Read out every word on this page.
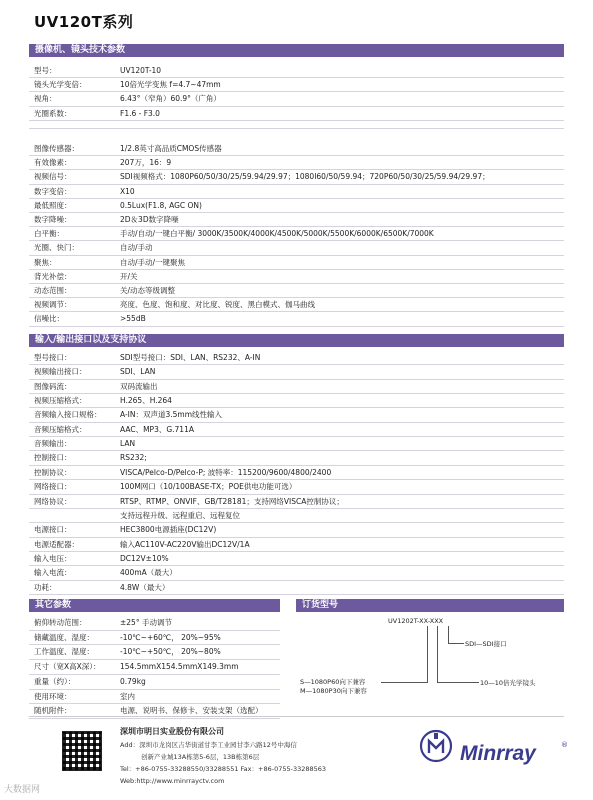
UV120T系列
摄像机、镜头技术参数
型号：	UV120T-10
镜头光学变倍：	10倍光学变焦 f=4.7~47mm
视角：	6.43°（窄角）60.9°（广角）
光圈系数：	F1.6 - F3.0
图像传感器：	1/2.8英寸高品质CMOS传感器
有效像素：	207万，16：9
视频信号：	SDI视频格式：1080P60/50/30/25/59.94/29.97；1080I60/50/59.94；720P60/50/30/25/59.94/29.97；
数字变倍：	X10
最低照度：	0.5Lux(F1.8, AGC ON)
数字降噪：	2D＆3D数字降噪
白平衡：	手动/自动/一键白平衡/ 3000K/3500K/4000K/4500K/5000K/5500K/6000K/6500K/7000K
光圈、快门：	自动/手动
聚焦：	自动/手动/一键聚焦
背光补偿：	开/关
动态范围：	关/动态等级调整
视频调节：	亮度、色度、饱和度、对比度、锐度、黑白模式、伽马曲线
信噪比：	>55dB
输入/输出接口以及支持协议
型号接口：	SDI型号接口：SDI、LAN、RS232、A-IN
视频输出接口：	SDI、LAN
图像码流：	双码流输出
视频压缩格式：	H.265、H.264
音频输入接口规格： A-IN：双声道3.5mm线性输入
音频压缩格式：	AAC、MP3、G.711A
音频输出：	LAN
控制接口：	RS232;
控制协议：	VISCA/Pelco-D/Pelco-P; 波特率：115200/9600/4800/2400
网络接口：	100M网口（10/100BASE-TX；POE供电功能可选）
网络协议：	RTSP、RTMP、ONVIF、GB/T28181；支持网络VISCA控制协议；
支持远程升级、远程重启、远程复位
电源接口：	HEC3800电源插座(DC12V)
电源适配器：	输入AC110V-AC220V输出DC12V/1A
输入电压：	DC12V±10%
输入电流：	400mA（最大）
功耗：	4.8W（最大）
其它参数
俯仰转动范围：	±25° 手动调节
储藏温度、湿度：	-10℃~+60℃， 20%~95%
工作温度、湿度：	-10℃~+50℃， 20%~80%
尺寸（宽X高X深）：	154.5mmX154.5mmX149.3mm
重量（约）：	0.79kg
使用环境：	室内
随机附件：	电源、说明书、保修卡、安装支架（选配）
订货型号
UV1202T-XX-XXX
SDI—SDI接口
10—10倍光学镜头
S—1080P60向下兼容
M—1080P30向下兼容
深圳市明日实业股份有限公司
Add：深圳市龙岗区吉华街道甘李工业园甘李六路12号中海信
创新产业城13A栋第5-6层，13B栋第6层
Tel：+86-0755-33288550/33288551 Fax：+86-0755-33288563
Web:http://www.minrrayctv.com
Minrray	®
大数据网
